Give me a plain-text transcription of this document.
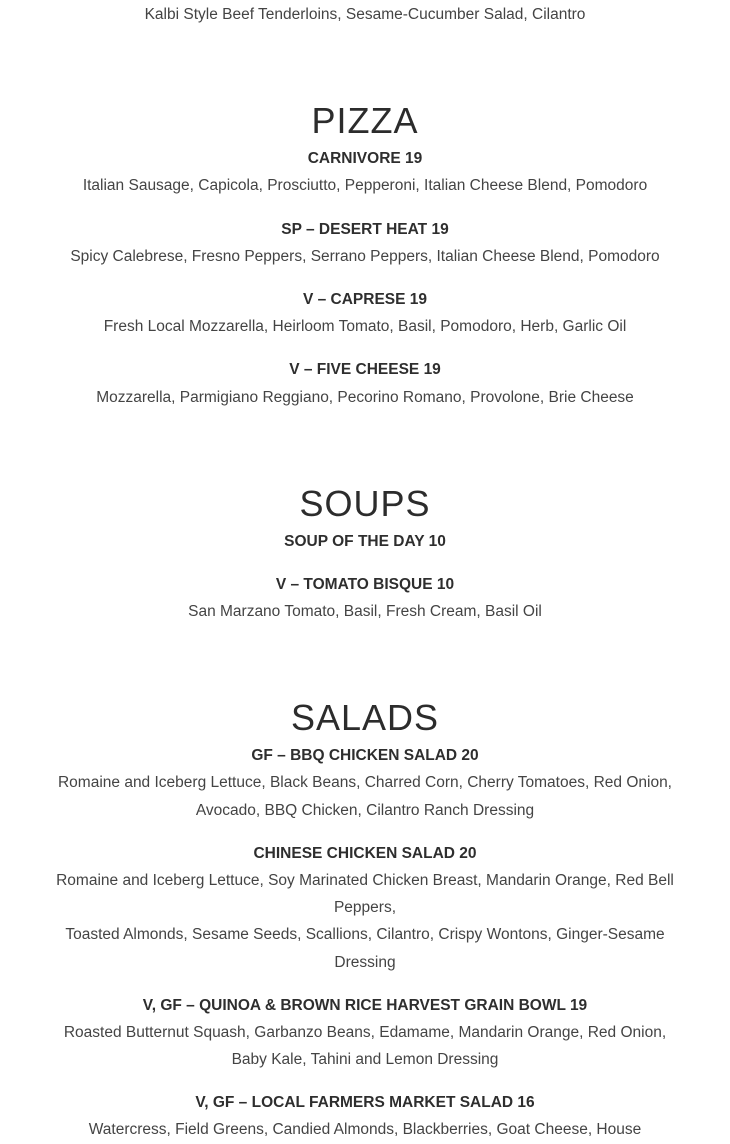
Kalbi Style Beef Tenderloins, Sesame-Cucumber Salad, Cilantro

PIZZA

CARNIVORE 19

Italian Sausage, Capicola, Prosciutto, Pepperoni, Italian Cheese Blend, Pomodoro

SP – DESERT HEAT 19

Spicy Calebrese, Fresno Peppers, Serrano Peppers, Italian Cheese Blend, Pomodoro

V – CAPRESE 19

Fresh Local Mozzarella, Heirloom Tomato, Basil, Pomodoro, Herb, Garlic Oil

V – FIVE CHEESE 19

Mozzarella, Parmigiano Reggiano, Pecorino Romano, Provolone, Brie Cheese

SOUPS

SOUP OF THE DAY 10

V – TOMATO BISQUE 10

San Marzano Tomato, Basil, Fresh Cream, Basil Oil

SALADS

GF – BBQ CHICKEN SALAD 20

Romaine and Iceberg Lettuce, Black Beans, Charred Corn, Cherry Tomatoes, Red Onion,

Avocado, BBQ Chicken, Cilantro Ranch Dressing

CHINESE CHICKEN SALAD 20

Romaine and Iceberg Lettuce, Soy Marinated Chicken Breast, Mandarin Orange, Red Bell

Peppers,

Toasted Almonds, Sesame Seeds, Scallions, Cilantro, Crispy Wontons, Ginger-Sesame

Dressing

V, GF – QUINOA & BROWN RICE HARVEST GRAIN BOWL 19

Roasted Butternut Squash, Garbanzo Beans, Edamame, Mandarin Orange, Red Onion,

Baby Kale, Tahini and Lemon Dressing

V, GF – LOCAL FARMERS MARKET SALAD 16

Watercress, Field Greens, Candied Almonds, Blackberries, Goat Cheese, House
